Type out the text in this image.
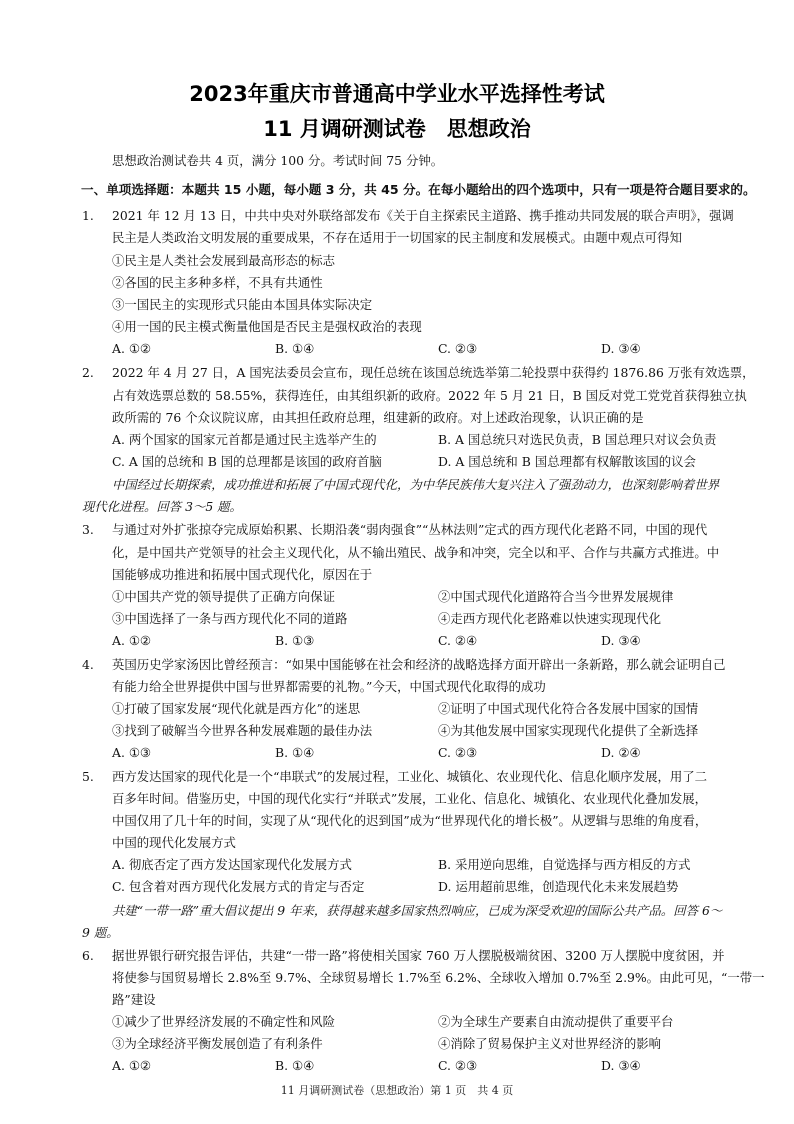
2023年重庆市普通高中学业水平选择性考试
11 月调研测试卷　思想政治
思想政治测试卷共 4 页，满分 100 分。考试时间 75 分钟。
一、单项选择题：本题共 15 小题，每小题 3 分，共 45 分。在每小题给出的四个选项中，只有一项是符合题目要求的。
1. 2021 年 12 月 13 日，中共中央对外联络部发布《关于自主探索民主道路、携手推动共同发展的联合声明》，强调
民主是人类政治文明发展的重要成果，不存在适用于一切国家的民主制度和发展模式。由题中观点可得知
①民主是人类社会发展到最高形态的标志
②各国的民主多种多样，不具有共通性
③一国民主的实现形式只能由本国具体实际决定
④用一国的民主模式衡量他国是否民主是强权政治的表现
A. ①②	B. ①④	C. ②③	D. ③④
2. 2022 年 4 月 27 日，A 国宪法委员会宣布，现任总统在该国总统选举第二轮投票中获得约 1876.86 万张有效选票，
占有效选票总数的 58.55%，获得连任，由其组织新的政府。2022 年 5 月 21 日，B 国反对党工党党首获得独立执
政所需的 76 个众议院议席，由其担任政府总理，组建新的政府。对上述政治现象，认识正确的是
A. 两个国家的国家元首都是通过民主选举产生的	B. A 国总统只对选民负责，B 国总理只对议会负责
C. A 国的总统和 B 国的总理都是该国的政府首脑	D. A 国总统和 B 国总理都有权解散该国的议会
中国经过长期探索，成功推进和拓展了中国式现代化，为中华民族伟大复兴注入了强劲动力，也深刻影响着世界
现代化进程。回答 3～5 题。
3. 与通过对外扩张掠夺完成原始积累、长期沿袭“弱肉强食”“丛林法则”定式的西方现代化老路不同，中国的现代
化，是中国共产党领导的社会主义现代化，从不输出殖民、战争和冲突，完全以和平、合作与共赢方式推进。中
国能够成功推进和拓展中国式现代化，原因在于
①中国共产党的领导提供了正确方向保证	②中国式现代化道路符合当今世界发展规律
③中国选择了一条与西方现代化不同的道路	④走西方现代化老路难以快速实现现代化
A. ①②	B. ①③	C. ②④	D. ③④
4. 英国历史学家汤因比曾经预言：“如果中国能够在社会和经济的战略选择方面开辟出一条新路，那么就会证明自己
有能力给全世界提供中国与世界都需要的礼物。”今天，中国式现代化取得的成功
①打破了国家发展“现代化就是西方化”的迷思	②证明了中国式现代化符合各发展中国家的国情
③找到了破解当今世界各种发展难题的最佳办法	④为其他发展中国家实现现代化提供了全新选择
A. ①③	B. ①④	C. ②③	D. ②④
5. 西方发达国家的现代化是一个“串联式”的发展过程，工业化、城镇化、农业现代化、信息化顺序发展，用了二
百多年时间。借鉴历史，中国的现代化实行“并联式”发展，工业化、信息化、城镇化、农业现代化叠加发展，
中国仅用了几十年的时间，实现了从“现代化的迟到国”成为“世界现代化的增长极”。从逻辑与思维的角度看，
中国的现代化发展方式
A. 彻底否定了西方发达国家现代化发展方式	B. 采用逆向思维，自觉选择与西方相反的方式
C. 包含着对西方现代化发展方式的肯定与否定	D. 运用超前思维，创造现代化未来发展趋势
共建“一带一路”重大倡议提出 9 年来，获得越来越多国家热烈响应，已成为深受欢迎的国际公共产品。回答 6～
9 题。
6. 据世界银行研究报告评估，共建“一带一路”将使相关国家 760 万人摆脱极端贫困、3200 万人摆脱中度贫困，并
将使参与国贸易增长 2.8%至 9.7%、全球贸易增长 1.7%至 6.2%、全球收入增加 0.7%至 2.9%。由此可见，“一带一
路”建设
①减少了世界经济发展的不确定性和风险	②为全球生产要素自由流动提供了重要平台
③为全球经济平衡发展创造了有利条件	④消除了贸易保护主义对世界经济的影响
A. ①②	B. ①④	C. ②③	D. ③④
11 月调研测试卷（思想政治）第 1 页　共 4 页
